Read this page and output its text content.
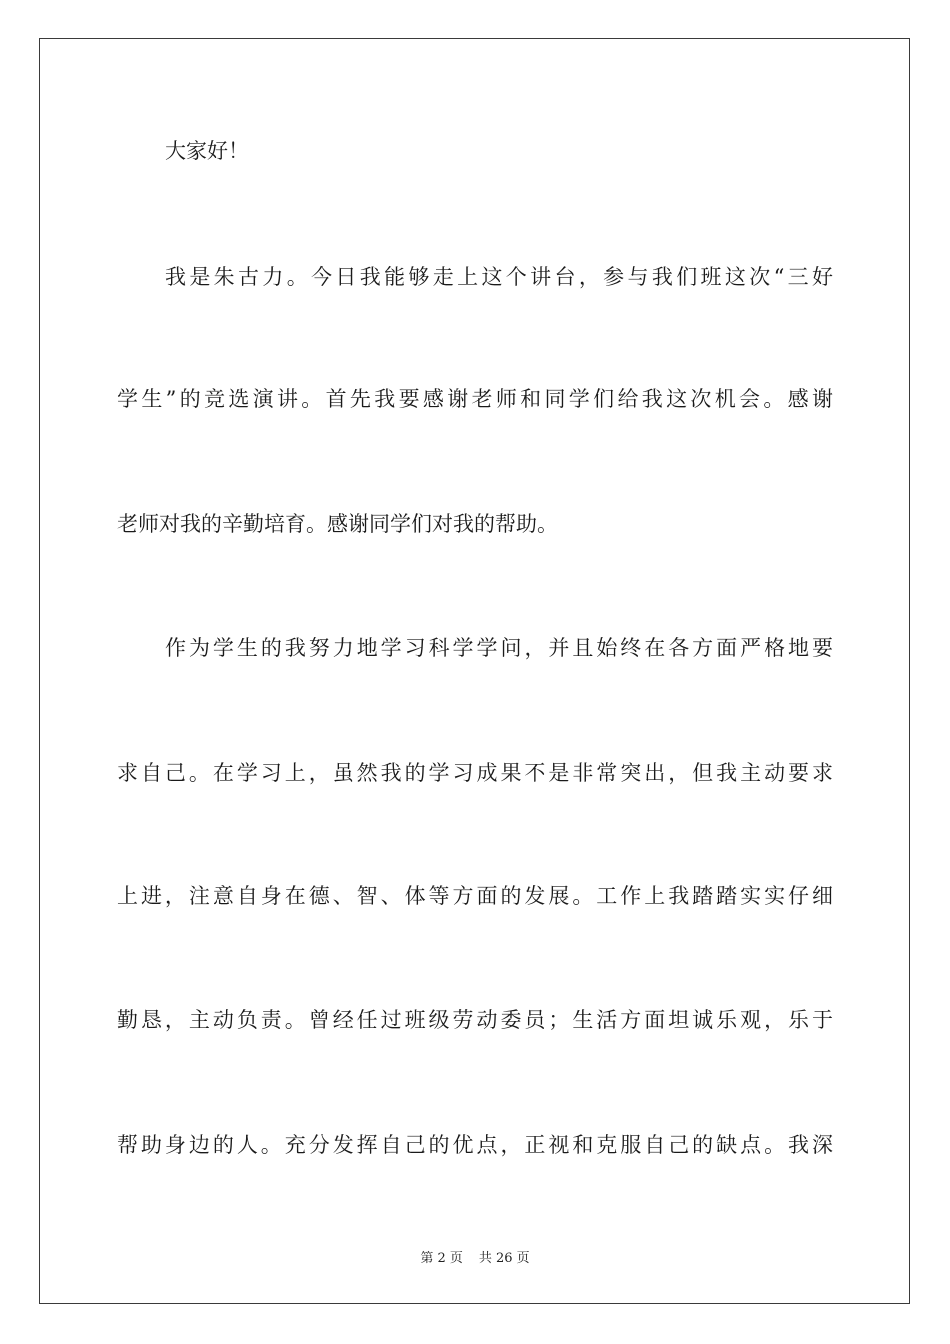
大家好！
我是朱古力。今日我能够走上这个讲台，参与我们班这次“三好
学生”的竞选演讲。首先我要感谢老师和同学们给我这次机会。感谢
老师对我的辛勤培育。感谢同学们对我的帮助。
作为学生的我努力地学习科学学问，并且始终在各方面严格地要
求自己。在学习上，虽然我的学习成果不是非常突出，但我主动要求
上进，注意自身在德、智、体等方面的发展。工作上我踏踏实实仔细
勤恳，主动负责。曾经任过班级劳动委员；生活方面坦诚乐观，乐于
帮助身边的人。充分发挥自己的优点，正视和克服自己的缺点。我深
第 2 页 共 26 页
